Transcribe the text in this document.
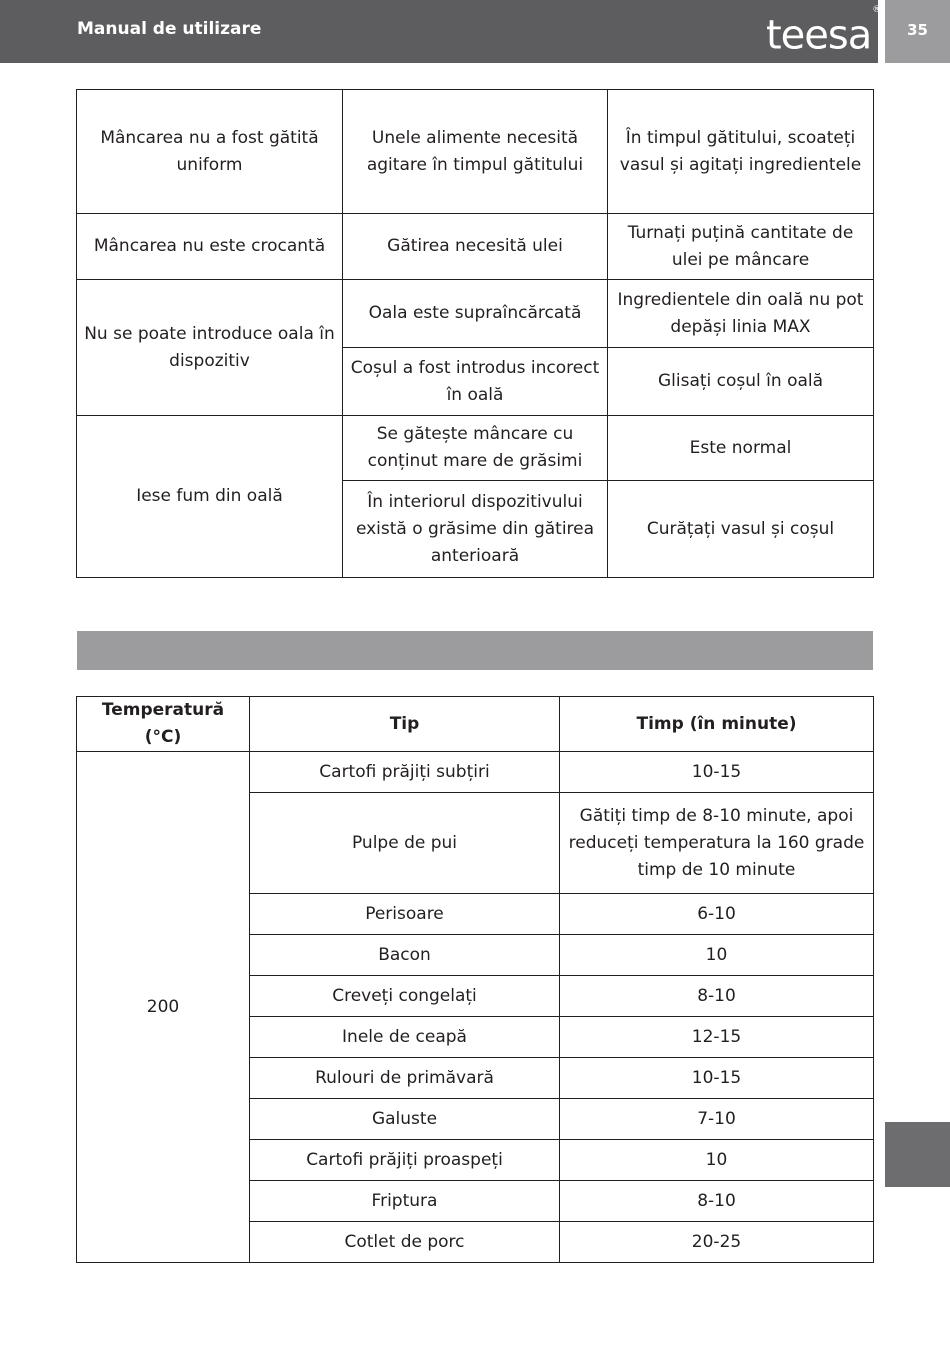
Manual de utilizare	teesa®
35
Mâncarea nu a fost gătită uniform	Unele alimente necesită agitare în timpul gătitului	În timpul gătitului, scoateți vasul și agitați ingredientele
Mâncarea nu este crocantă	Gătirea necesită ulei	Turnați puțină cantitate de ulei pe mâncare
Nu se poate introduce oala în dispozitiv	Oala este supraîncărcată	Ingredientele din oală nu pot depăși linia MAX
	Coșul a fost introdus incorect în oală	Glisați coșul în oală
Iese fum din oală	Se gătește mâncare cu conținut mare de grăsimi	Este normal
	În interiorul dispozitivului există o grăsime din gătirea anterioară	Curățați vasul și coșul
Temperatură (°C)	Tip	Timp (în minute)
200	Cartofi prăjiți subțiri	10-15
	Pulpe de pui	Gătiți timp de 8-10 minute, apoi reduceți temperatura la 160 grade timp de 10 minute
	Perisoare	6-10
	Bacon	10
	Creveți congelați	8-10
	Inele de ceapă	12-15
	Rulouri de primăvară	10-15
	Galuste	7-10
	Cartofi prăjiți proaspeți	10
	Friptura	8-10
	Cotlet de porc	20-25
